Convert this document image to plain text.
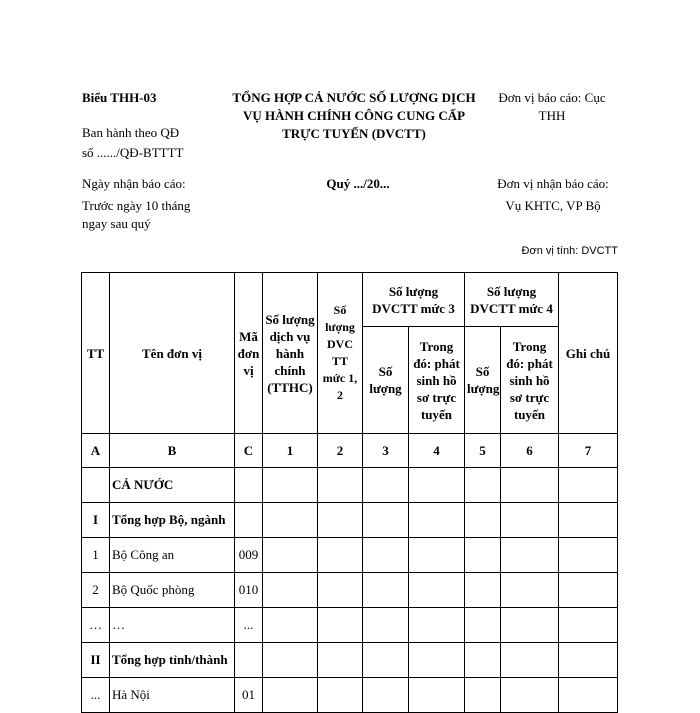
Biểu THH-03
Ban hành theo QĐ
số ....../QĐ-BTTTT
TỔNG HỢP CẢ NƯỚC SỐ LƯỢNG DỊCH
VỤ HÀNH CHÍNH CÔNG CUNG CẤP
TRỰC TUYẾN (DVCTT)
Đơn vị báo cáo: Cục
THH
Ngày nhận báo cáo:
Trước ngày 10 tháng
ngay sau quý
Quý .../20...	Đơn vị nhận báo cáo:
Vụ KHTC, VP Bộ
Đơn vị tính: DVCTT
TT	Tên đơn vị	Mã đơn vị	Số lượng dịch vụ hành chính (TTHC)	Số lượng DVC TT mức 1, 2	Số lượng DVCTT mức 3		Số lượng DVCTT mức 4		Ghi chú
					Số lượng	Trong đó: phát sinh hồ sơ trực tuyến	Số lượng	Trong đó: phát sinh hồ sơ trực tuyến	
A	B	C	1	2	3	4	5	6	7
	CẢ NƯỚC								
I	Tổng hợp Bộ, ngành								
1	Bộ Công an	009							
2	Bộ Quốc phòng	010							
…	…	...							
II	Tổng hợp tỉnh/thành								
...	Hà Nội	01							
